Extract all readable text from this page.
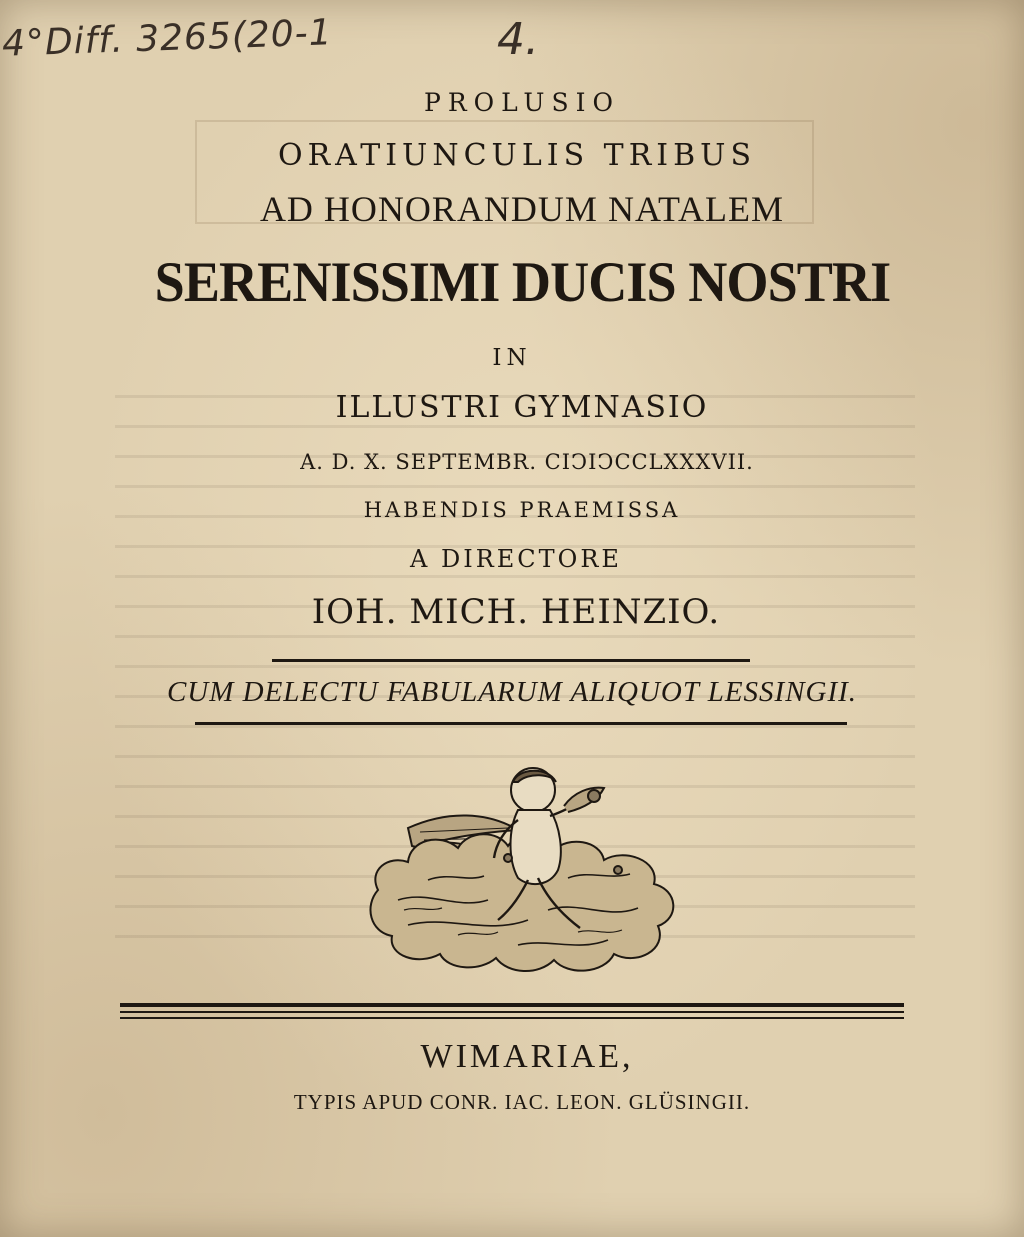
4°Diff. 3265(20-1	4.
PROLUSIO
ORATIUNCULIS TRIBUS
AD HONORANDUM NATALEM
SERENISSIMI DUCIS NOSTRI
IN
ILLUSTRI GYMNASIO
A. D. X. SEPTEMBR. CIↃIↃCCLXXXVII.
HABENDIS PRAEMISSA
A DIRECTORE
IOH. MICH. HEINZIO.
CUM DELECTU FABULARUM ALIQUOT LESSINGII.
WIMARIAE,
TYPIS APUD CONR. IAC. LEON. GLÜSINGII.
